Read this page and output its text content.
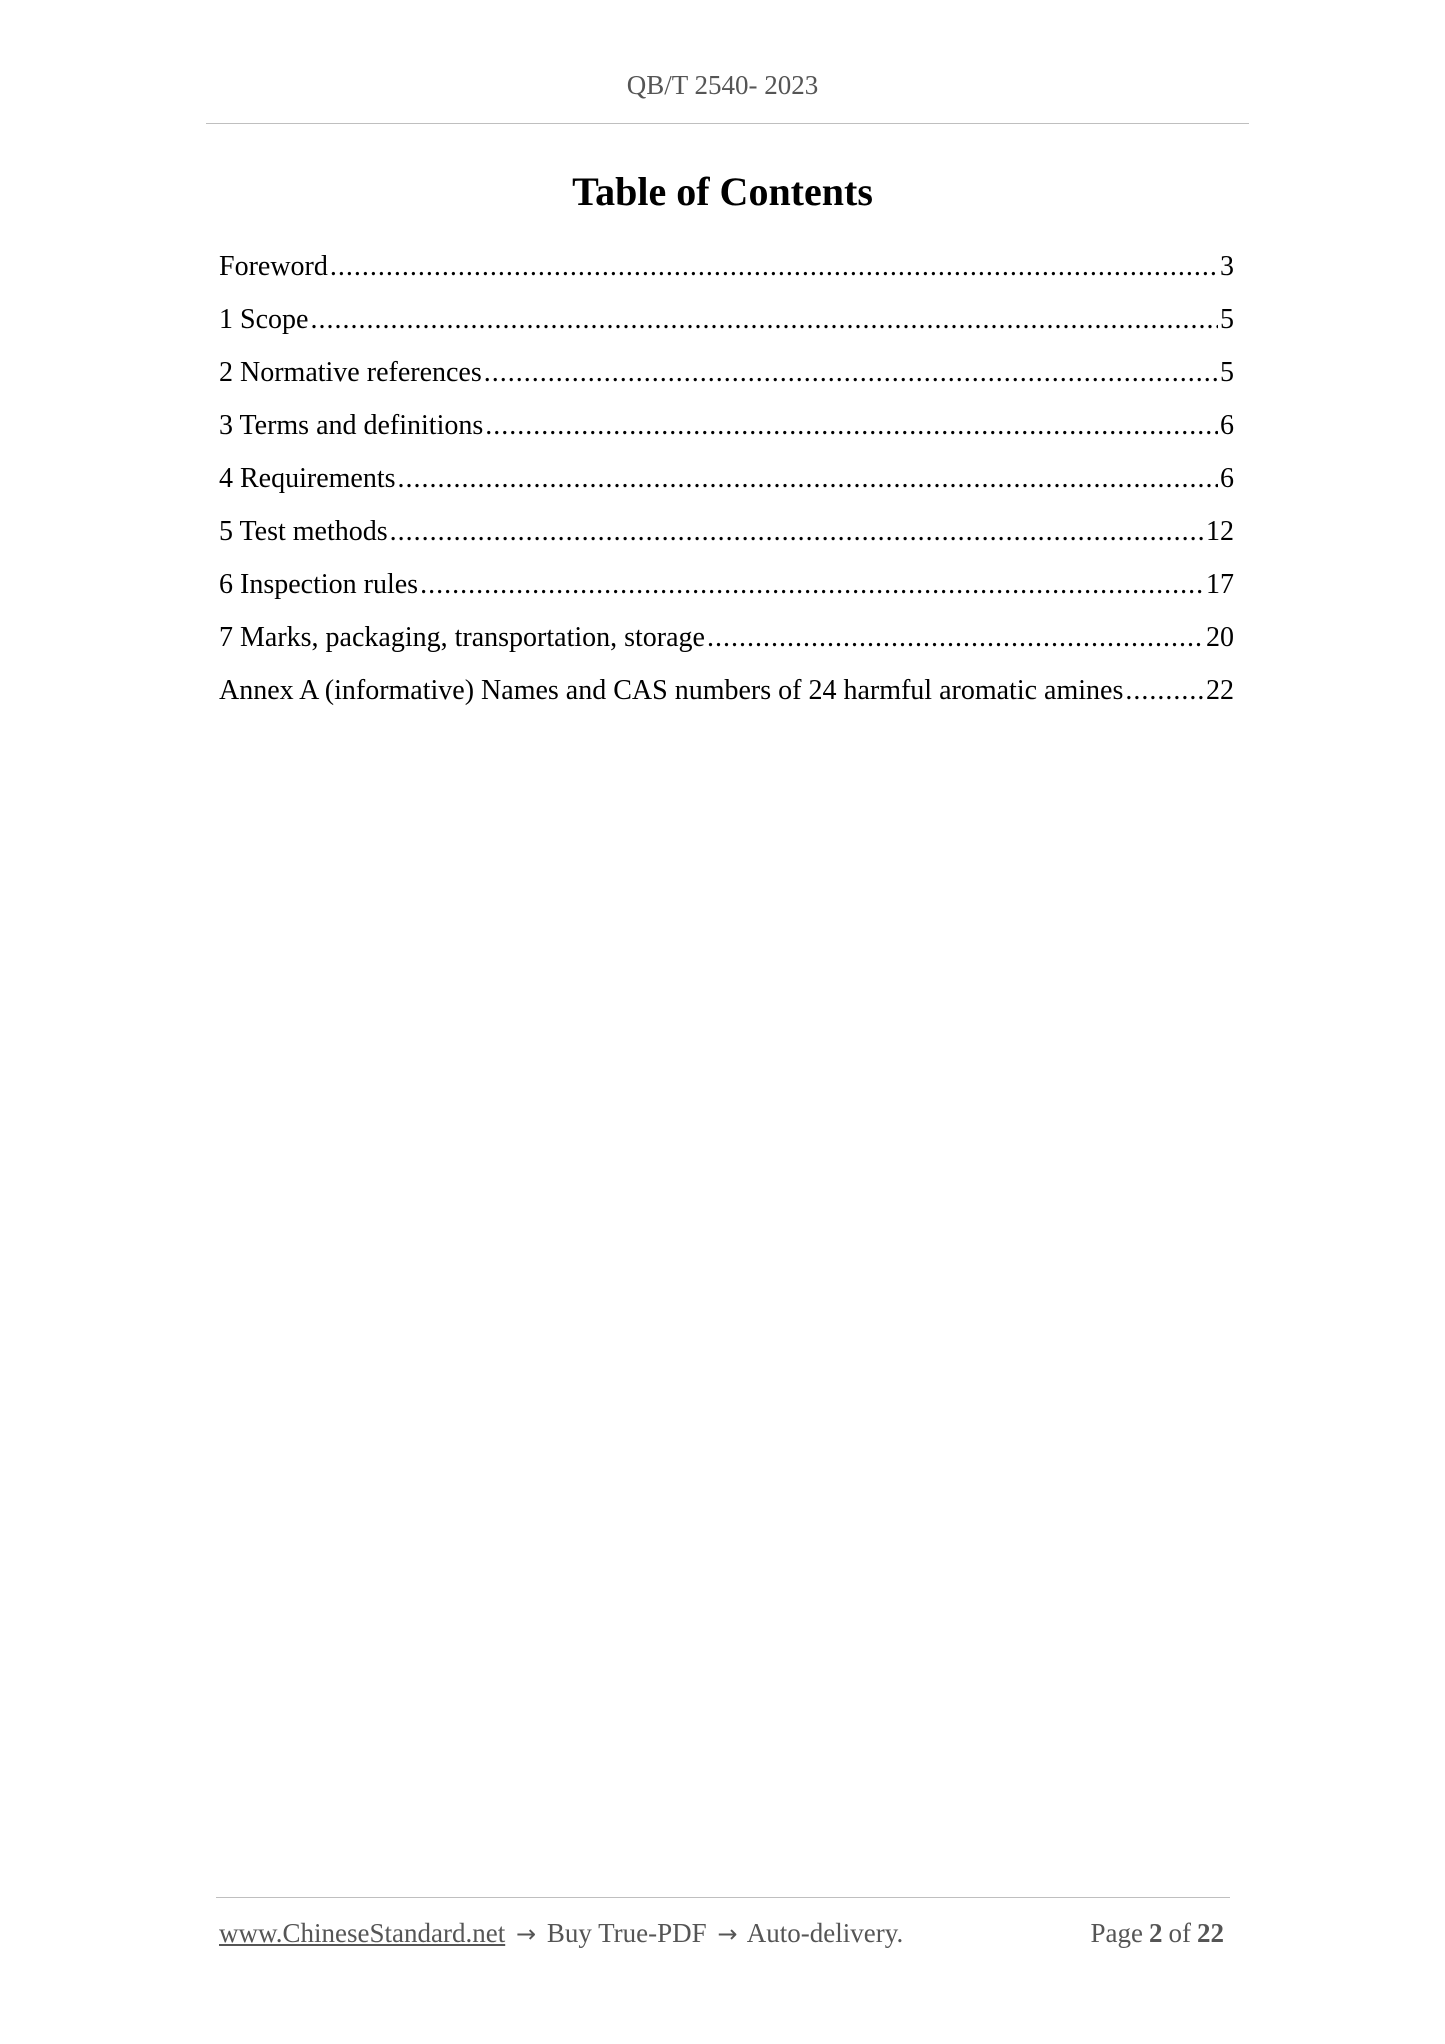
QB/T 2540- 2023
Table of Contents
Foreword .....	3
1 Scope .....	5
2 Normative references .....	5
3 Terms and definitions .....	6
4 Requirements .....	6
5 Test methods .....	12
6 Inspection rules .....	17
7 Marks, packaging, transportation, storage .....	20
Annex A (informative) Names and CAS numbers of 24 harmful aromatic amines .....	22
www.ChineseStandard.net → Buy True-PDF → Auto-delivery.	Page 2 of 22
